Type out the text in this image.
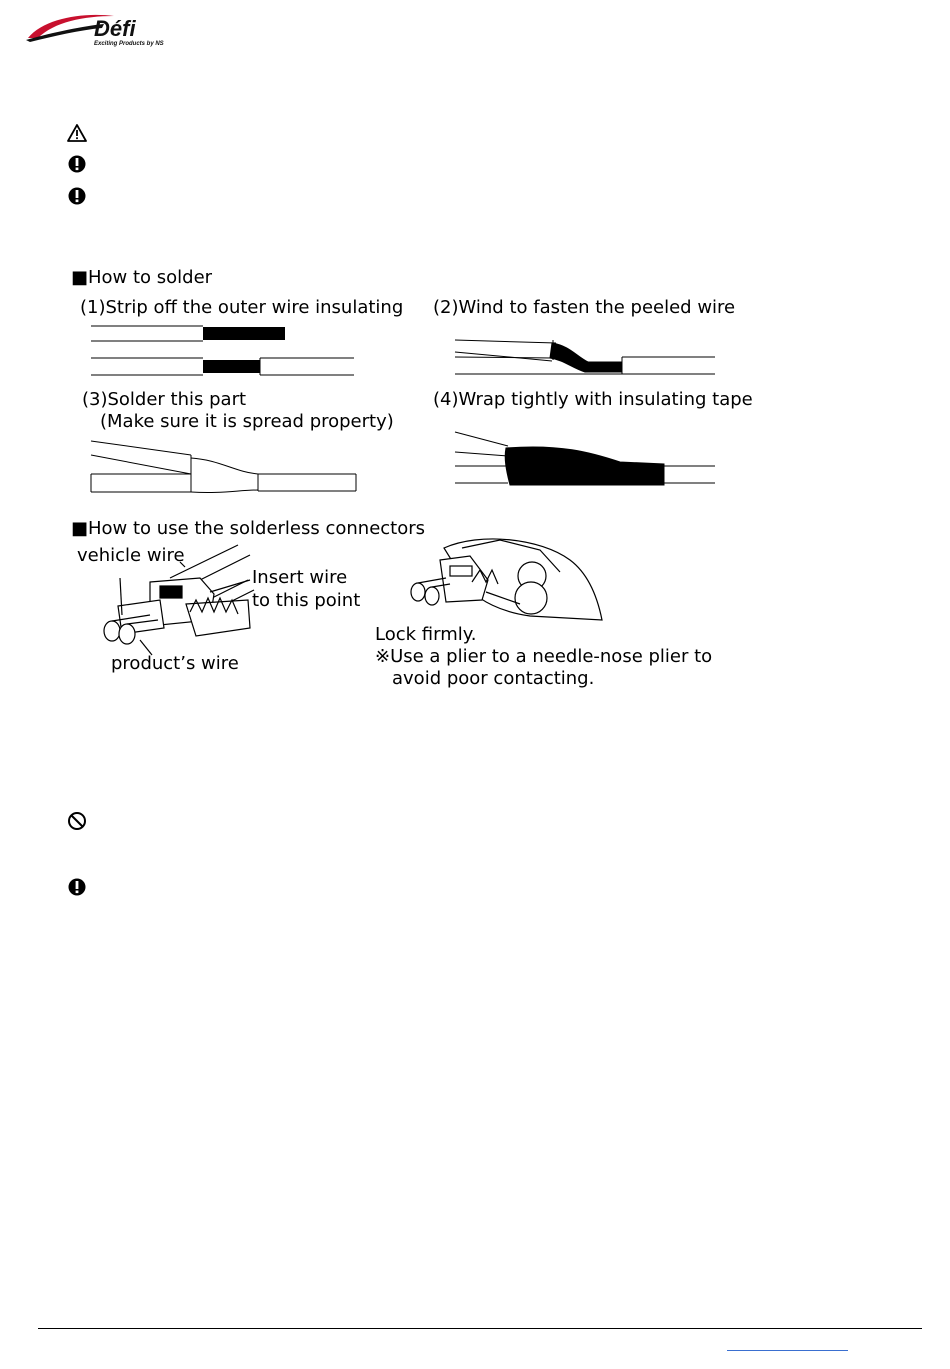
Défi
Exciting Products by NS
■How to solder
(1)Strip off the outer wire insulating (2)Wind to fasten the peeled wire
(3)Solder this part
(Make sure it is spread property)
(4)Wrap tightly with insulating tape
■How to use the solderless connectors
vehicle wire
Insert wire
to this point
product’s wire
Lock firmly.
※Use a plier to a needle-nose plier to
avoid poor contacting.
